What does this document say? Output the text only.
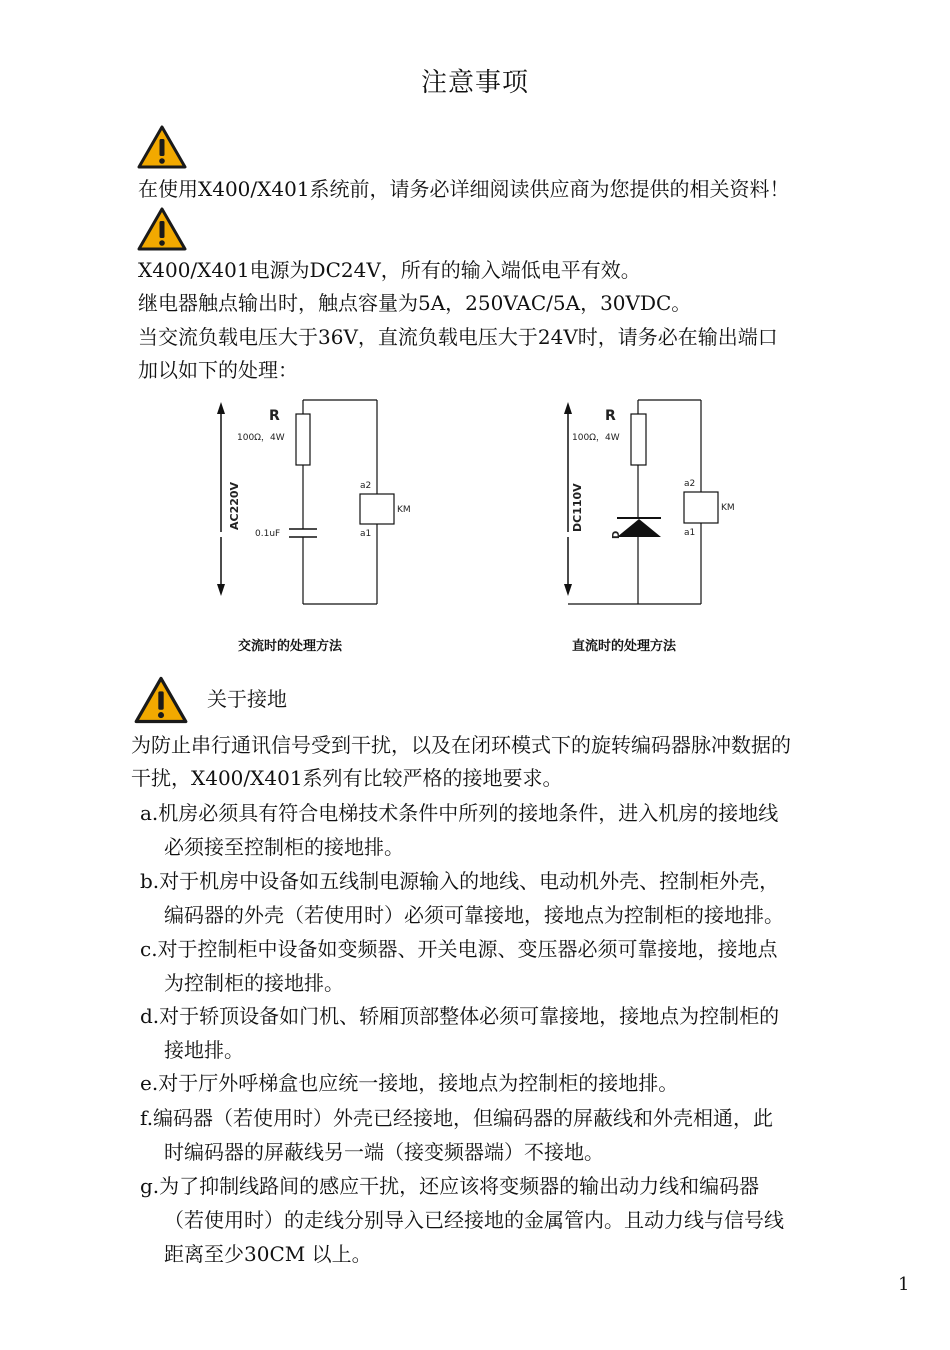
注意事项
在使用X400/X401系统前，请务必详细阅读供应商为您提供的相关资料！
X400/X401电源为DC24V，所有的输入端低电平有效。
继电器触点输出时，触点容量为5A，250VAC/5A，30VDC。
当交流负载电压大于36V，直流负载电压大于24V时，请务必在输出端口
加以如下的处理：
R
100Ω，4W
0.1uF
a2
a1
KM
AC220V
R
100Ω，4W
D
a2
a1
KM
DC110V
交流时的处理方法	直流时的处理方法
关于接地
为防止串行通讯信号受到干扰，以及在闭环模式下的旋转编码器脉冲数据的
干扰，X400/X401系列有比较严格的接地要求。
a.机房必须具有符合电梯技术条件中所列的接地条件，进入机房的接地线
必须接至控制柜的接地排。
b.对于机房中设备如五线制电源输入的地线、电动机外壳、控制柜外壳，
编码器的外壳（若使用时）必须可靠接地，接地点为控制柜的接地排。
c.对于控制柜中设备如变频器、开关电源、变压器必须可靠接地，接地点
为控制柜的接地排。
d.对于轿顶设备如门机、轿厢顶部整体必须可靠接地，接地点为控制柜的
接地排。
e.对于厅外呼梯盒也应统一接地，接地点为控制柜的接地排。
f.编码器（若使用时）外壳已经接地，但编码器的屏蔽线和外壳相通，此
时编码器的屏蔽线另一端（接变频器端）不接地。
g.为了抑制线路间的感应干扰，还应该将变频器的输出动力线和编码器
（若使用时）的走线分别导入已经接地的金属管内。且动力线与信号线
距离至少30CM 以上。
1
